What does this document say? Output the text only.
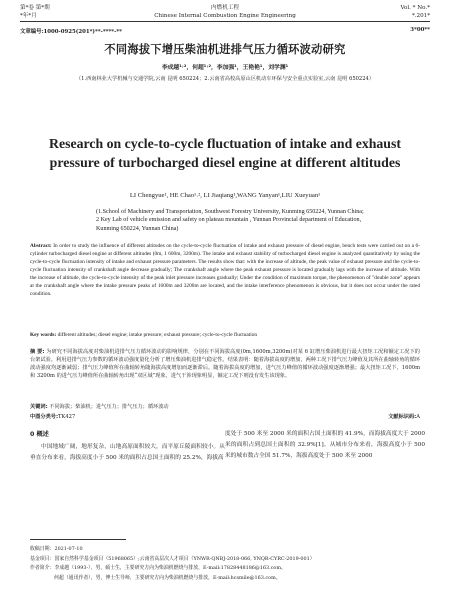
第*卷 第*期	内燃机工程	Vol. * No.*
*年*月	Chinese Internal Combustion Engine Engineering	*.201*
文章编号:1000-0925(201*)**-****-**	3*00**
不同海拔下增压柴油机进排气压力循环波动研究
李成越¹˒²，何超¹˒²，李加强¹，王艳艳¹，刘学渊¹
（1.西南林业大学机械与交通学院,云南 昆明 650224；2.云南省高校高原山区机动车环保与安全重点实验室,云南 昆明 650224）
Research on cycle-to-cycle fluctuation of intake and exhaust pressure of turbocharged diesel engine at different altitudes
LI Chengyue¹, HE Chao¹˒², LI Jiaqiang¹,WANG Yanyan¹,LIU Xueyuan¹
(1.School of Machinery and Transportation, Southwest Forestry University, Kunming 650224, Yunnan China; 2 Key Lab of vehicle emission and safety on plateau mountain , Yunnan Provincial department of Education, Kunming 650224, Yunnan China)
Abstract: In order to study the influence of different altitudes on the cycle-to-cycle fluctuation of intake and exhaust pressure of diesel engine, bench tests were carried out on a 6-cylinder turbocharged diesel engine at different altitudes (0m, 1 600m, 3200m). The intake and exhaust stability of turbocharged diesel engine is analyzed quantitatively by using the cycle-to-cycle fluctuation intensity of intake and exhaust pressure parameters. The results show that: with the increase of altitude, the peak value of exhaust pressure and the cycle-to-cycle fluctuation intensity of crankshaft angle decrease gradually; The crankshaft angle where the peak exhaust pressure is located gradually lags with the increase of altitude. With the increase of altitude, the cycle-to-cycle intensity of the peak inlet pressure increases gradually; Under the condition of maximum torque, the phenomenon of "double zone" appears at the crankshaft angle where the intake pressure peaks of 1600m and 3200m are located, and the intake interference phenomenon is obvious, but it does not occur under the rated condition.
Key words: different altitudes; diesel engine; intake pressure; exhaust pressure; cycle-to-cycle fluctuation
摘 要: 为研究不同海拔高度对柴油机进排气压力循环波动的影响规律，分别在不同海拔高度(0m,1600m,3200m)对某 6 缸增压柴油机进行最大扭矩工况和额定工况下的台架试验。利用进排气压力参数的循环波动强度量化分析了增压柴油机进排气稳定性。结果表明：随着海拔高度的增加，两种工况下排气压力峰值及其所在曲轴转角的循环波动强度均逐渐减弱；排气压力峰值所在曲轴转角随海拔高度增加而逐渐滞后。随着海拔高度的增加，进气压力峰值的循环波动强度逐渐增强；最大扭矩工况下，1600m 和 3200m 的进气压力峰值所在曲轴转角出现“双区域”现象，进气干涉现象明显，额定工况下则没有发生该现象。
关键词: 不同海拔；柴油机；进气压力；排气压力；循环波动
中图分类号:TK427	文献标识码:A
0 概述
中国地域广阔，地形复杂，山地高原面积较大，而平原丘陵面积较小。从垂直分布来看，海拔高度小于 500 米的面积占总国土面积的 25.2%，海拔高
度处于 500 米至 2000 米的面积占国土面积的 41.9%，而海拔高度大于 2000 米的面积占到总国土面积的 32.9%[1]。从城市分布来看，海拔高度小于 500 米的城市数占全国 51.7%，海拔高度处于 500 米至 2000
收稿日期：2021-07-10
基金项目：国家自然科学基金项目（51968065）;云南省高层次人才项目（YNWR-QNBJ-2018-066, YNQR-CYRC-2019-001）
作者简介：李成越（1993-），男，硕士生，主要研究方向为柴油机燃烧与排放，E-mail:17828448186@163.com。
何超（通讯作者），男，博士生导师，主要研究方向为柴油机燃烧与排放，E-mail:hcsmile@163.com。
